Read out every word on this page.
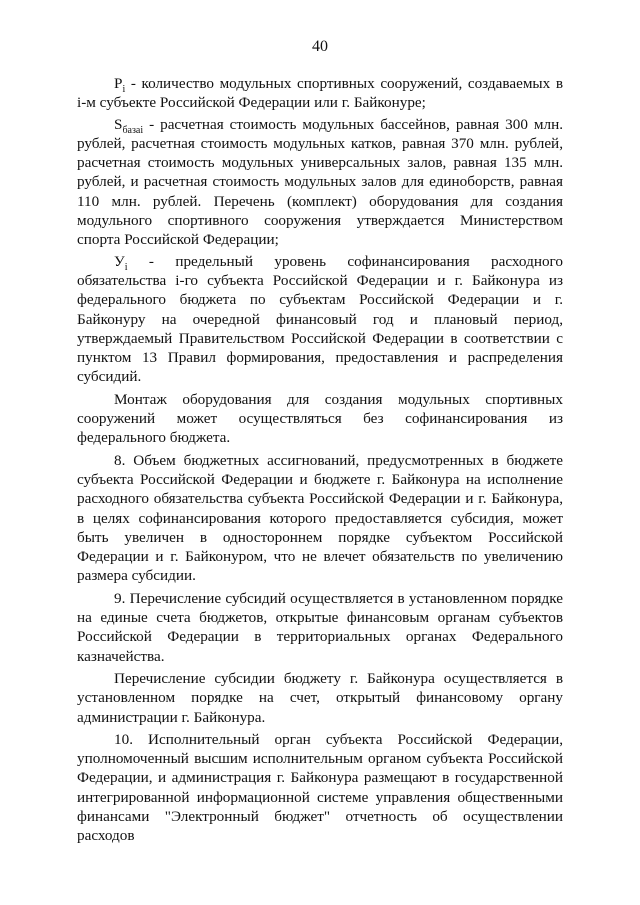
40

$P_i$ - количество модульных спортивных сооружений, создаваемых в i-м субъекте Российской Федерации или г. Байконуре;

$S_{базаi}$ - расчетная стоимость модульных бассейнов, равная 300 млн. рублей, расчетная стоимость модульных катков, равная 370 млн. рублей, расчетная стоимость модульных универсальных залов, равная 135 млн. рублей, и расчетная стоимость модульных залов для единоборств, равная 110 млн. рублей. Перечень (комплект) оборудования для создания модульного спортивного сооружения утверждается Министерством спорта Российской Федерации;

$У_i$ - предельный уровень софинансирования расходного обязательства i-го субъекта Российской Федерации и г. Байконура из федерального бюджета по субъектам Российской Федерации и г. Байконуру на очередной финансовый год и плановый период, утверждаемый Правительством Российской Федерации в соответствии с пунктом 13 Правил формирования, предоставления и распределения субсидий.

Монтаж оборудования для создания модульных спортивных сооружений может осуществляться без софинансирования из федерального бюджета.

8. Объем бюджетных ассигнований, предусмотренных в бюджете субъекта Российской Федерации и бюджете г. Байконура на исполнение расходного обязательства субъекта Российской Федерации и г. Байконура, в целях софинансирования которого предоставляется субсидия, может быть увеличен в одностороннем порядке субъектом Российской Федерации и г. Байконуром, что не влечет обязательств по увеличению размера субсидии.

9. Перечисление субсидий осуществляется в установленном порядке на единые счета бюджетов, открытые финансовым органам субъектов Российской Федерации в территориальных органах Федерального казначейства.

Перечисление субсидии бюджету г. Байконура осуществляется в установленном порядке на счет, открытый финансовому органу администрации г. Байконура.

10. Исполнительный орган субъекта Российской Федерации, уполномоченный высшим исполнительным органом субъекта Российской Федерации, и администрация г. Байконура размещают в государственной интегрированной информационной системе управления общественными финансами "Электронный бюджет" отчетность об осуществлении расходов
